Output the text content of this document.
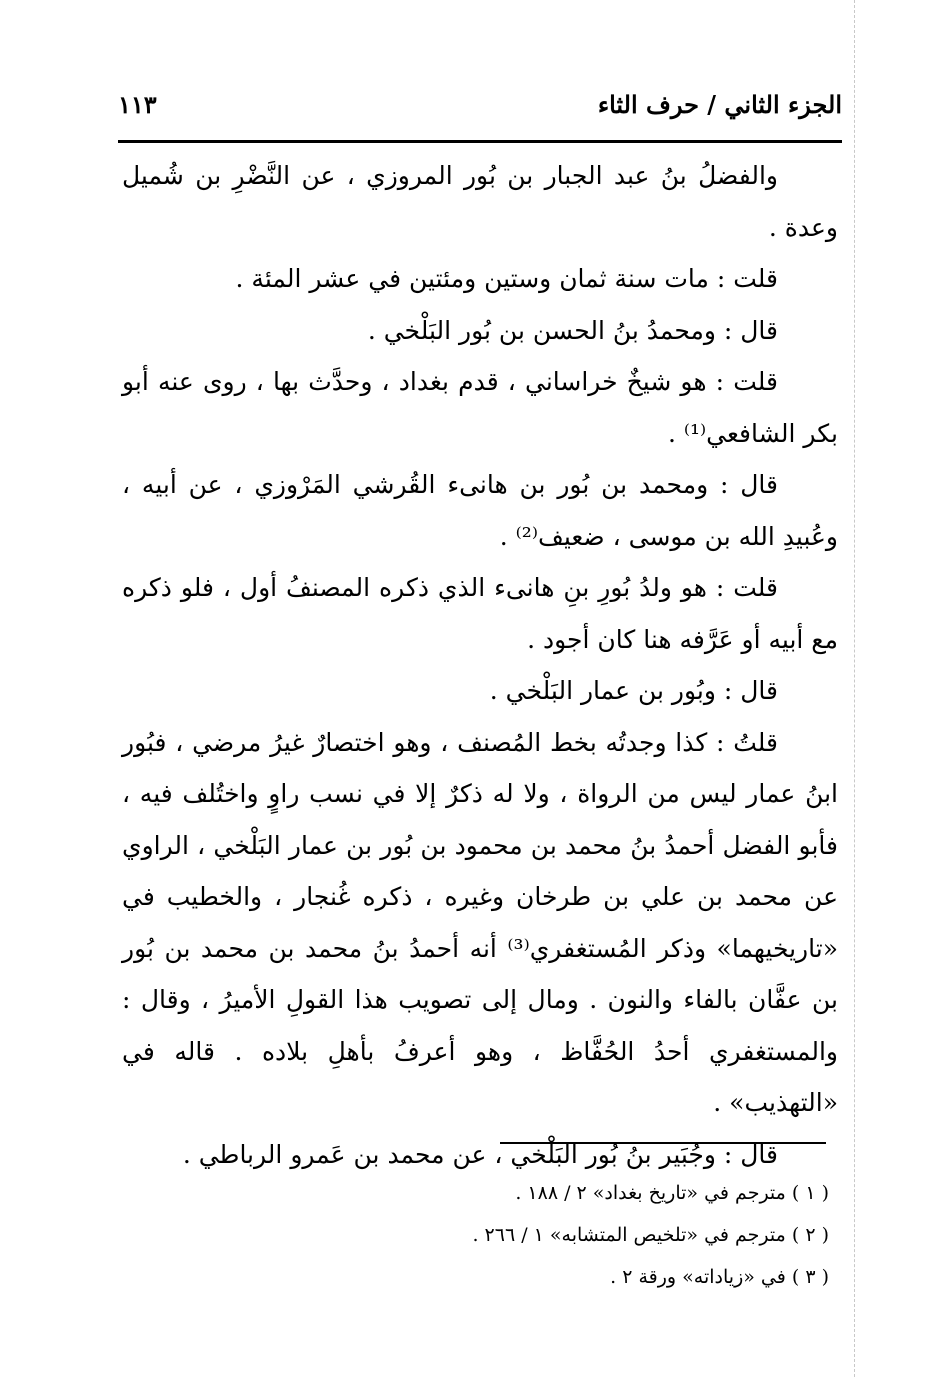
الجزء الثاني / حرف الثاء
١١٣

والفضلُ بنُ عبد الجبار بن بُور المروزي ، عن النَّضْرِ بن شُميل وعدة .

قلت : مات سنة ثمان وستين ومئتين في عشر المئة .

قال : ومحمدُ بنُ الحسن بن بُور البَلْخي .

قلت : هو شيخٌ خراساني ، قدم بغداد ، وحدَّث بها ، روى عنه أبو بكر الشافعي⁽¹⁾ .

قال : ومحمد بن بُور بن هانىء القُرشي المَرْوزي ، عن أبيه ، وعُبيدِ الله بن موسى ، ضعيف⁽²⁾ .

قلت : هو ولدُ بُورِ بنِ هانىء الذي ذكره المصنفُ أول ، فلو ذكره مع أبيه أو عَرَّفه هنا كان أجود .

قال : وبُور بن عمار البَلْخي .

قلتُ : كذا وجدتُه بخط المُصنف ، وهو اختصارٌ غيرُ مرضي ، فبُور ابنُ عمار ليس من الرواة ، ولا له ذكرٌ إلا في نسب راوٍ واختُلف فيه ، فأبو الفضل أحمدُ بنُ محمد بن محمود بن بُور بن عمار البَلْخي ، الراوي عن محمد بن علي بن طرخان وغيره ، ذكره غُنجار ، والخطيب في «تاريخيهما» وذكر المُستغفري⁽³⁾ أنه أحمدُ بنُ محمد بن محمد بن بُور بن عفَّان بالفاء والنون . ومال إلى تصويب هذا القولِ الأميرُ ، وقال : والمستغفري أحدُ الحُفَّاظ ، وهو أعرفُ بأهلِ بلاده . قاله في «التهذيب» .

قال : وجُبَير بنُ بُور البَلْخي ، عن محمد بن عَمرو الرباطي .

( ١ ) مترجم في «تاريخ بغداد» ٢ / ١٨٨ .
( ٢ ) مترجم في «تلخيص المتشابه» ١ / ٢٦٦ .
( ٣ ) في «زياداته» ورقة ٢ .
